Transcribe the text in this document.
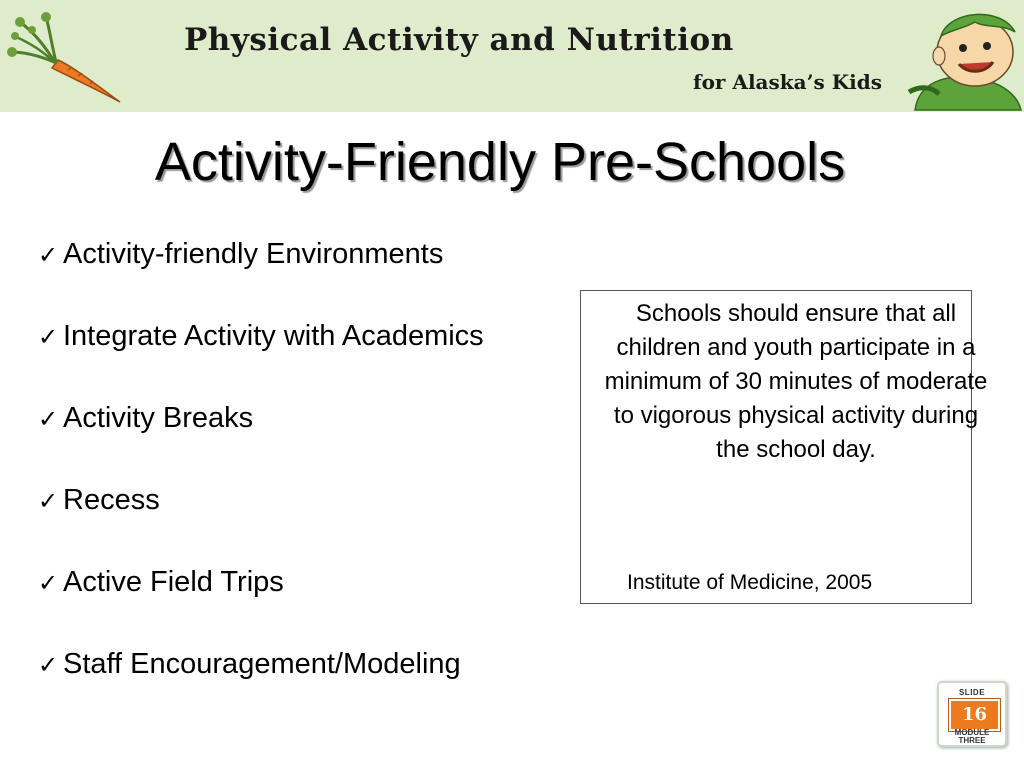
Physical Activity and Nutrition
for Alaska’s Kids
Activity-Friendly Pre-Schools
✓ Activity-friendly Environments
✓ Integrate Activity with Academics
✓ Activity Breaks
✓ Recess
✓ Active Field Trips
✓ Staff Encouragement/Modeling
Schools should ensure that all children and youth participate in a minimum of 30 minutes of moderate to vigorous physical activity during the school day.
Institute of Medicine, 2005
SLIDE
16
MODULE
THREE
